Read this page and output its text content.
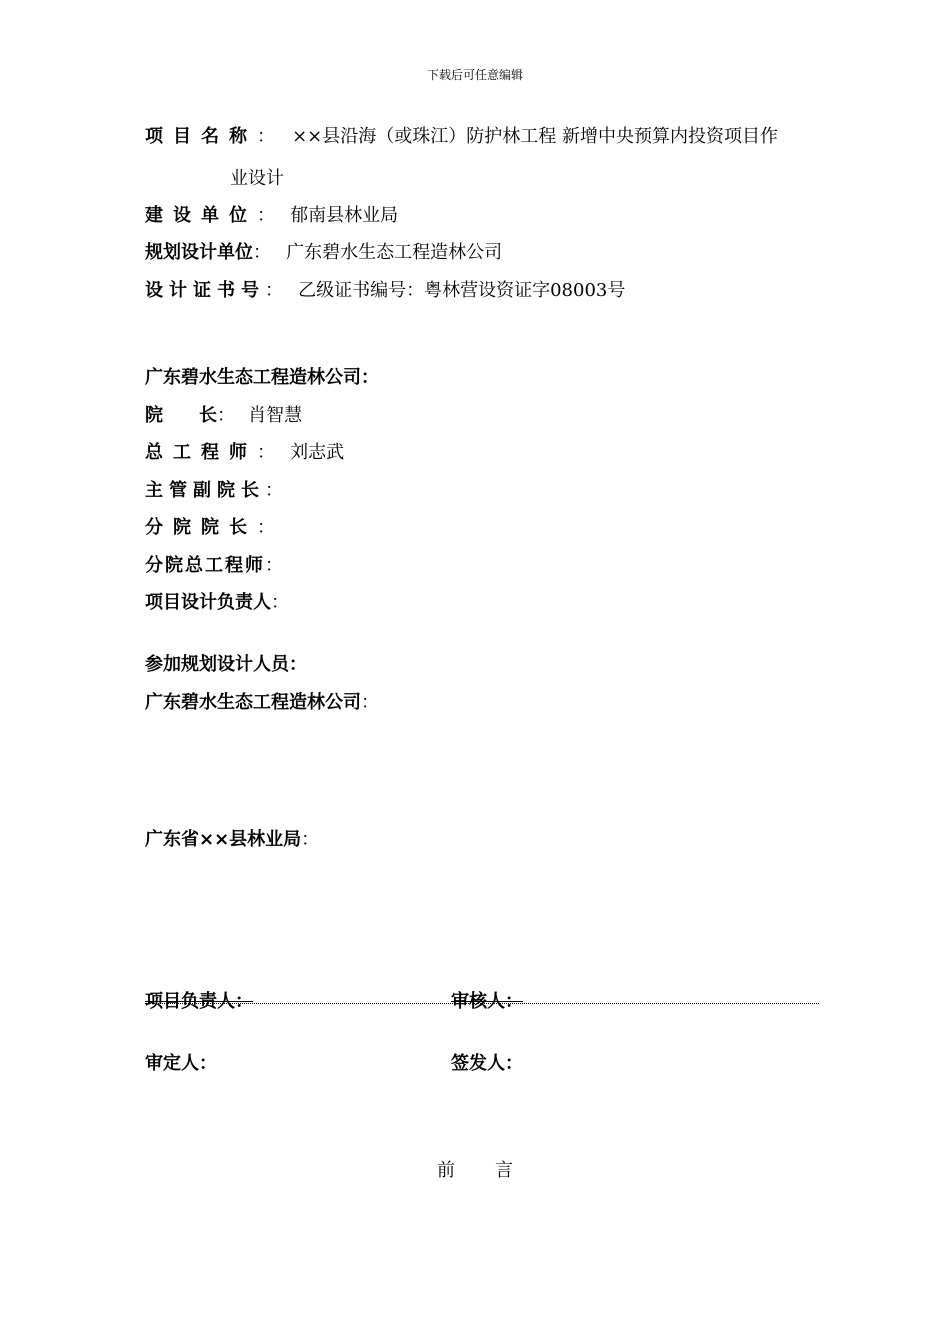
下载后可任意编辑
项目名称： ××县沿海（或珠江）防护林工程 新增中央预算内投资项目作
业设计
建设单位： 郁南县林业局
规划设计单位： 广东碧水生态工程造林公司
设计证书号： 乙级证书编号：粤林营设资证字08003号
广东碧水生态工程造林公司：
院　　长： 肖智慧
总工程师： 刘志武
主管副院长：
分院院长：
分院总工程师：
项目设计负责人：
参加规划设计人员：
广东碧水生态工程造林公司：
广东省××县林业局：
项目负责人：	审核人：
审定人：	签发人：
前言
